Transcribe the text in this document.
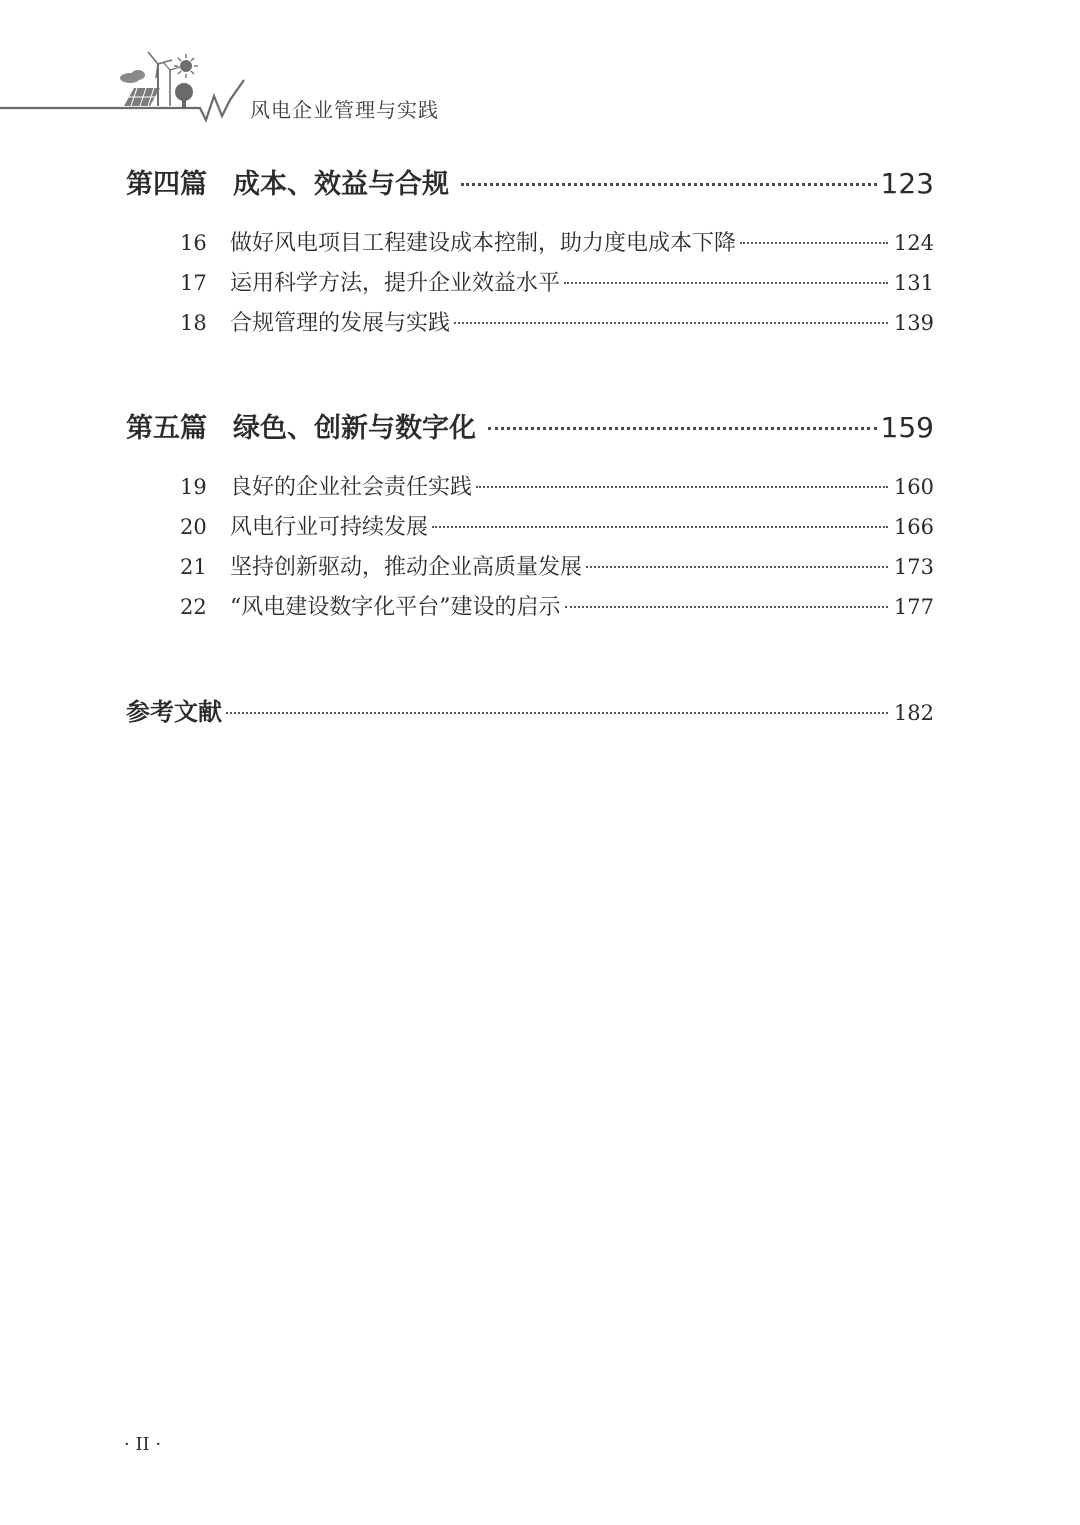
风电企业管理与实践
第四篇 成本、效益与合规	123
16	做好风电项目工程建设成本控制，助力度电成本下降	124
17	运用科学方法，提升企业效益水平	131
18	合规管理的发展与实践	139
第五篇 绿色、创新与数字化	159
19	良好的企业社会责任实践	160
20	风电行业可持续发展	166
21	坚持创新驱动，推动企业高质量发展	173
22	“风电建设数字化平台”建设的启示	177
参考文献	182
· II ·
